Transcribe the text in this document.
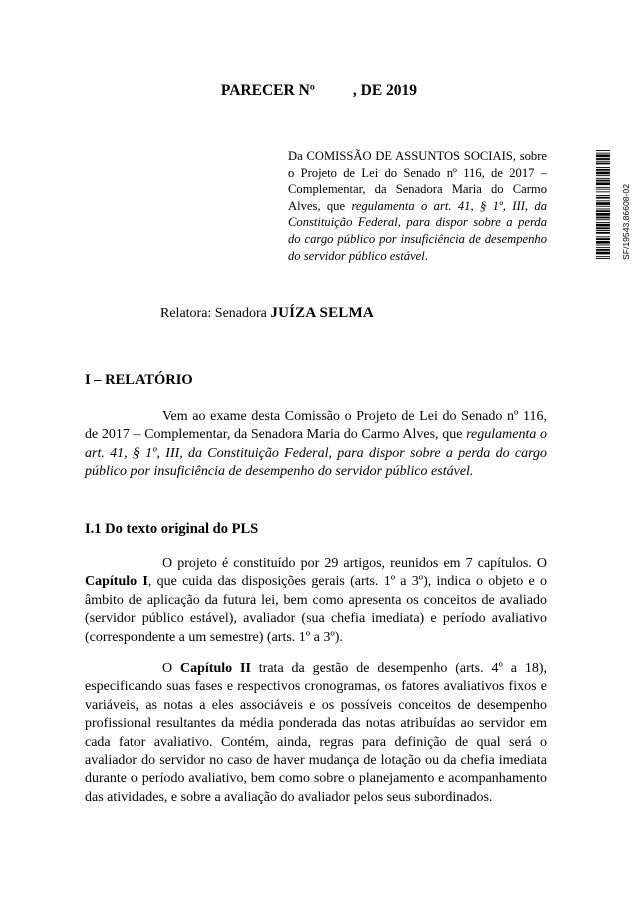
PARECER Nº , DE 2019
Da COMISSÃO DE ASSUNTOS SOCIAIS, sobre o Projeto de Lei do Senado nº 116, de 2017 – Complementar, da Senadora Maria do Carmo Alves, que regulamenta o art. 41, § 1º, III, da Constituição Federal, para dispor sobre a perda do cargo público por insuficiência de desempenho do servidor público estável.	SF/19543.86608-02
Relatora: Senadora JUÍZA SELMA
I – RELATÓRIO
Vem ao exame desta Comissão o Projeto de Lei do Senado nº 116, de 2017 – Complementar, da Senadora Maria do Carmo Alves, que regulamenta o art. 41, § 1º, III, da Constituição Federal, para dispor sobre a perda do cargo público por insuficiência de desempenho do servidor público estável.
I.1 Do texto original do PLS
O projeto é constituído por 29 artigos, reunidos em 7 capítulos. O Capítulo I, que cuida das disposições gerais (arts. 1º a 3º), indica o objeto e o âmbito de aplicação da futura lei, bem como apresenta os conceitos de avaliado (servidor público estável), avaliador (sua chefia imediata) e período avaliativo (correspondente a um semestre) (arts. 1º a 3º).
O Capítulo II trata da gestão de desempenho (arts. 4º a 18), especificando suas fases e respectivos cronogramas, os fatores avaliativos fixos e variáveis, as notas a eles associáveis e os possíveis conceitos de desempenho profissional resultantes da média ponderada das notas atribuídas ao servidor em cada fator avaliativo. Contém, ainda, regras para definição de qual será o avaliador do servidor no caso de haver mudança de lotação ou da chefia imediata durante o período avaliativo, bem como sobre o planejamento e acompanhamento das atividades, e sobre a avaliação do avaliador pelos seus subordinados.
